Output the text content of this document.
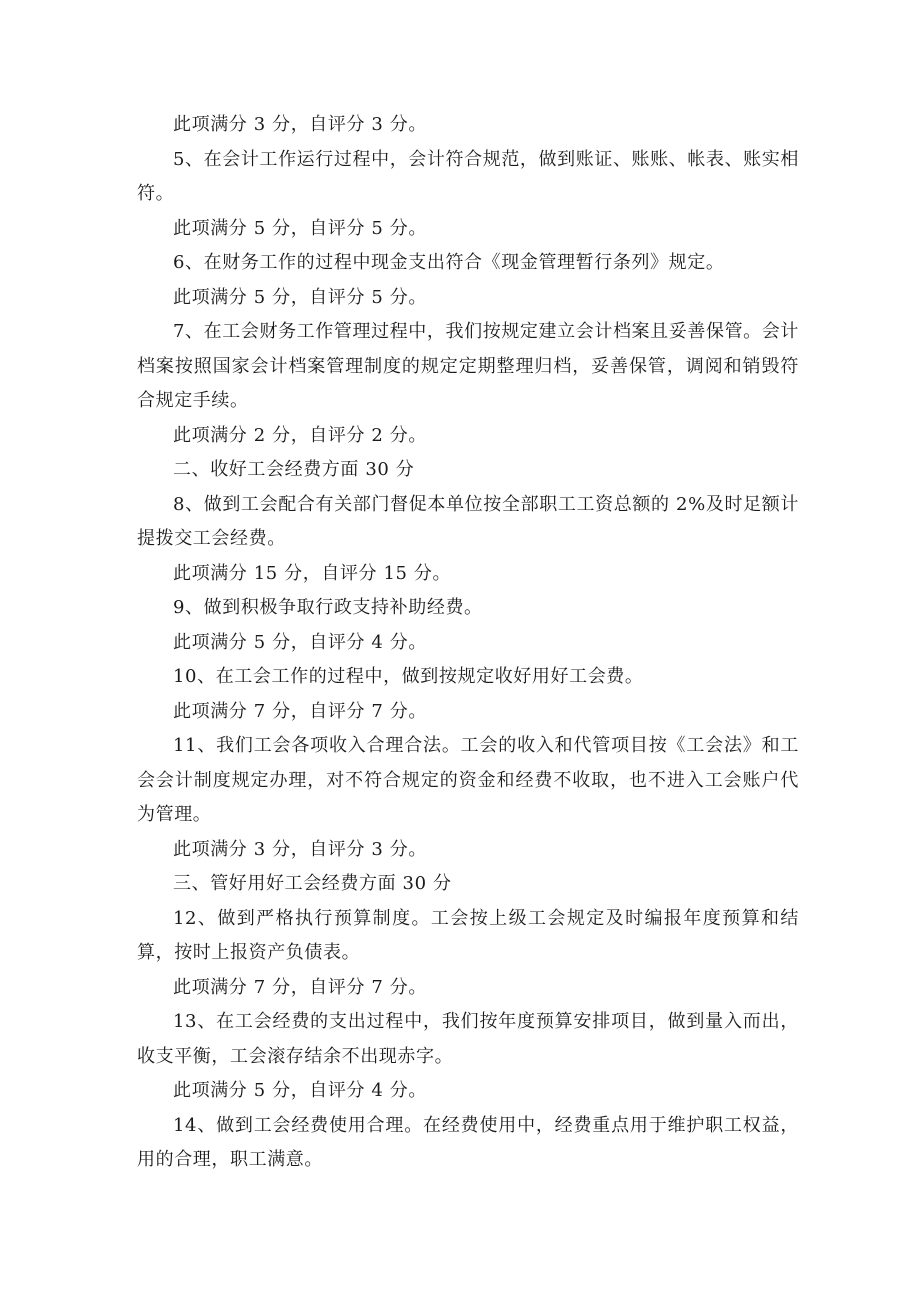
此项满分 3 分，自评分 3 分。

5、在会计工作运行过程中，会计符合规范，做到账证、账账、帐表、账实相符。

此项满分 5 分，自评分 5 分。

6、在财务工作的过程中现金支出符合《现金管理暂行条列》规定。

此项满分 5 分，自评分 5 分。

7、在工会财务工作管理过程中，我们按规定建立会计档案且妥善保管。会计档案按照国家会计档案管理制度的规定定期整理归档，妥善保管，调阅和销毁符合规定手续。

此项满分 2 分，自评分 2 分。

二、收好工会经费方面 30 分

8、做到工会配合有关部门督促本单位按全部职工工资总额的 2%及时足额计提拨交工会经费。

此项满分 15 分，自评分 15 分。

9、做到积极争取行政支持补助经费。

此项满分 5 分，自评分 4 分。

10、在工会工作的过程中，做到按规定收好用好工会费。

此项满分 7 分，自评分 7 分。

11、我们工会各项收入合理合法。工会的收入和代管项目按《工会法》和工会会计制度规定办理，对不符合规定的资金和经费不收取，也不进入工会账户代为管理。

此项满分 3 分，自评分 3 分。

三、管好用好工会经费方面 30 分

12、做到严格执行预算制度。工会按上级工会规定及时编报年度预算和结算，按时上报资产负债表。

此项满分 7 分，自评分 7 分。

13、在工会经费的支出过程中，我们按年度预算安排项目，做到量入而出，收支平衡，工会滚存结余不出现赤字。

此项满分 5 分，自评分 4 分。

14、做到工会经费使用合理。在经费使用中，经费重点用于维护职工权益，用的合理，职工满意。
